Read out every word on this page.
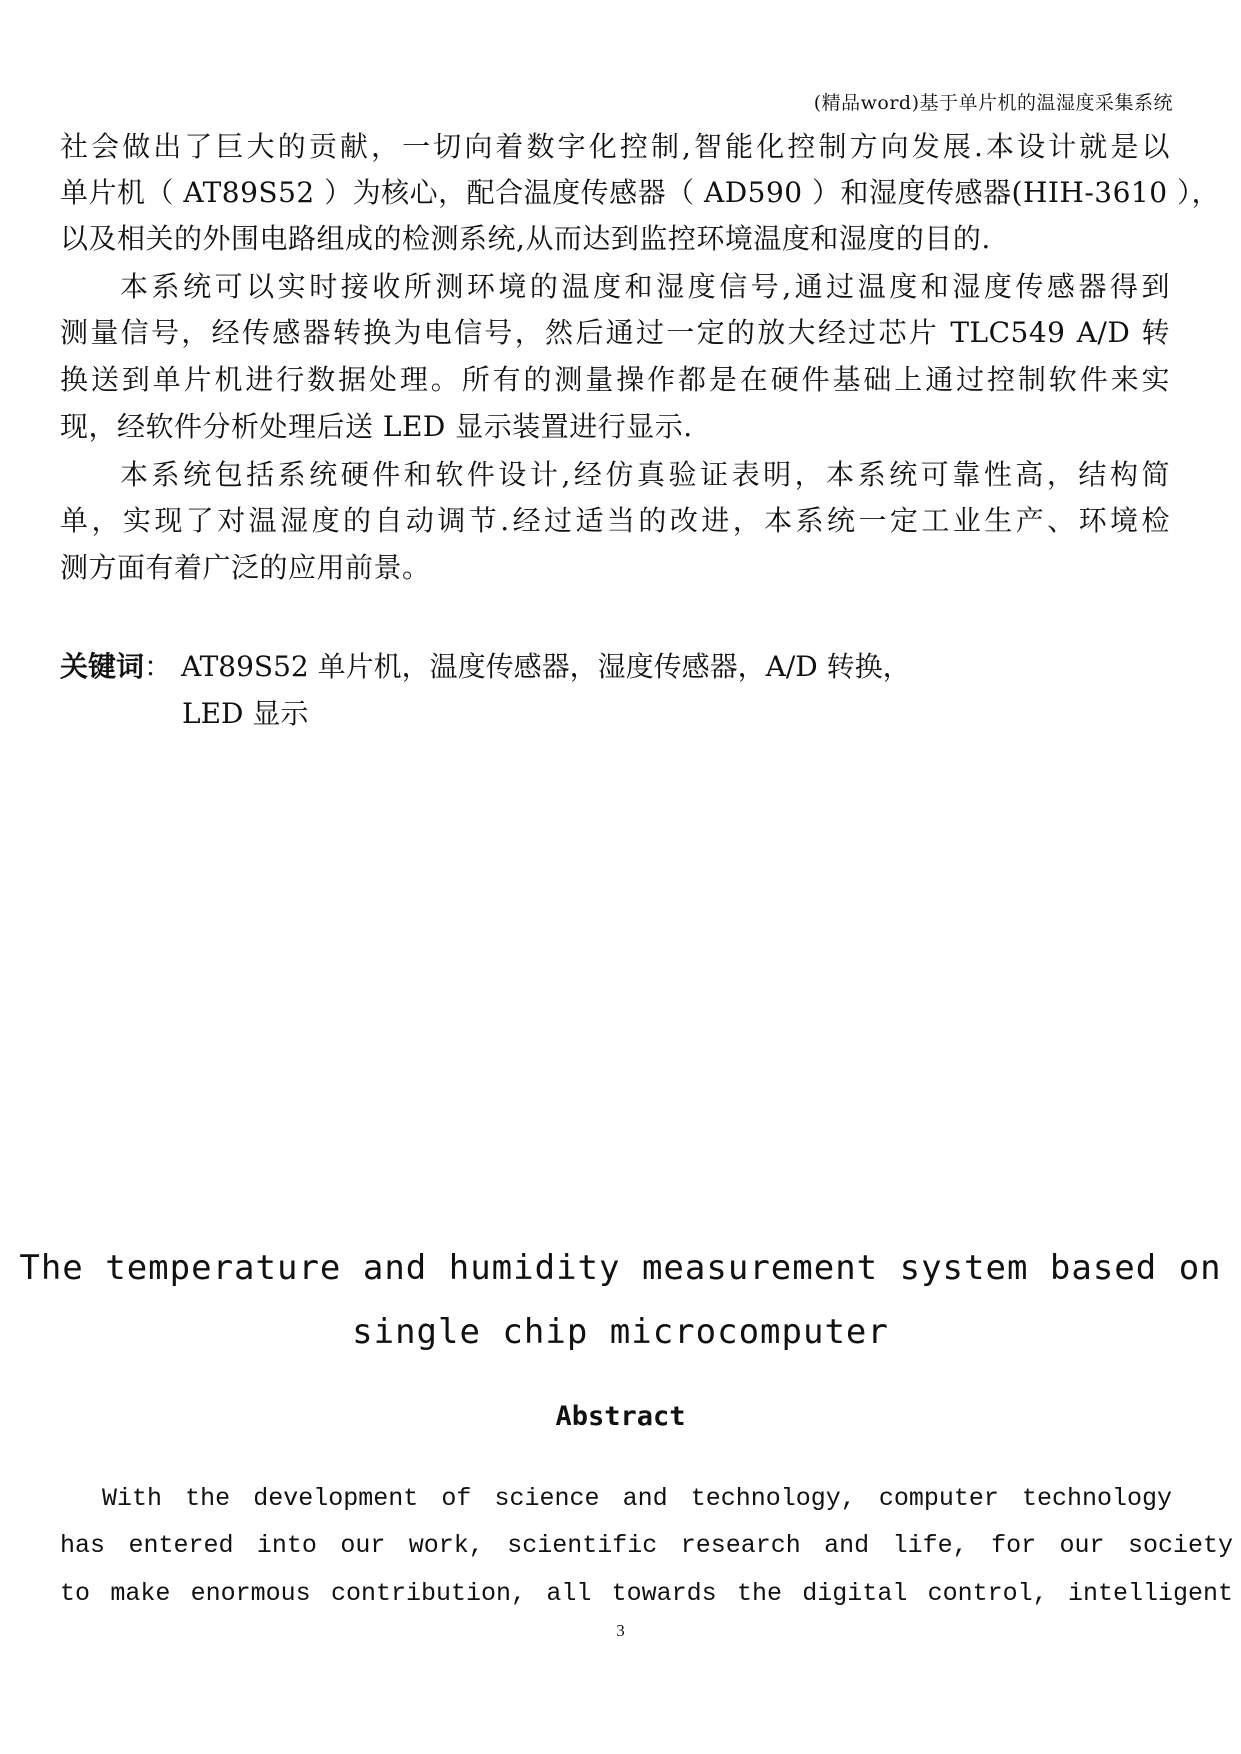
(精品word)基于单片机的温湿度采集系统
社会做出了巨大的贡献，一切向着数字化控制,智能化控制方向发展.本设计就是以
单片机（ AT89S52 ）为核心，配合温度传感器（ AD590 ）和湿度传感器(HIH-3610 ），
以及相关的外围电路组成的检测系统,从而达到监控环境温度和湿度的目的.
本系统可以实时接收所测环境的温度和湿度信号,通过温度和湿度传感器得到
测量信号，经传感器转换为电信号，然后通过一定的放大经过芯片 TLC549 A/D 转
换送到单片机进行数据处理。所有的测量操作都是在硬件基础上通过控制软件来实
现，经软件分析处理后送 LED 显示装置进行显示.
本系统包括系统硬件和软件设计,经仿真验证表明，本系统可靠性高，结构简
单，实现了对温湿度的自动调节.经过适当的改进，本系统一定工业生产、环境检
测方面有着广泛的应用前景。
关键词： AT89S52 单片机，温度传感器，湿度传感器，A/D 转换，
LED 显示
The temperature and humidity measurement system based on
single chip microcomputer
Abstract
With the development of science and technology, computer technology
has entered into our work, scientific research and life, for our society
to make enormous contribution, all towards the digital control, intelligent
3
